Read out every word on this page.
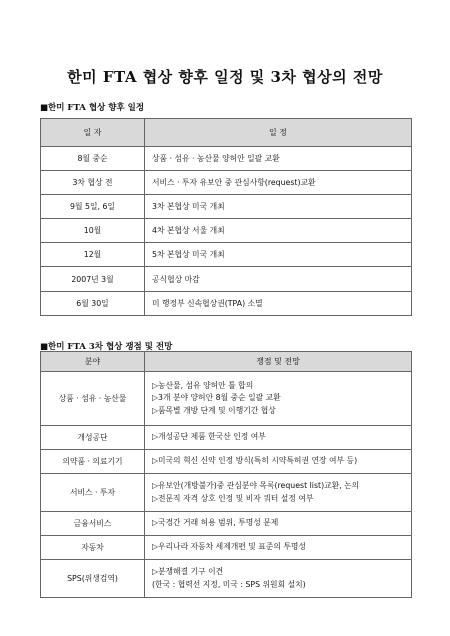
한미 FTA 협상 향후 일정 및 3차 협상의 전망
■한미 FTA 협상 향후 일정
일 자	일 정
8월 중순	상품 · 섬유 · 농산물 양허안 일괄 교환
3차 협상 전	서비스 · 투자 유보안 중 관심사항(request)교환
9월 5일, 6일	3차 본협상 미국 개최
10월	4차 본협상 서울 개최
12월	5차 본협상 미국 개최
2007년 3월	공식협상 마감
6월 30일	미 행정부 신속협상권(TPA) 소멸
■한미 FTA 3차 협상 쟁점 및 전망
분야	쟁점 및 전망
상품 · 섬유 · 농산물	▷농산물, 섬유 양허안 틀 합의
▷3개 분야 양허안 8월 중순 일괄 교환
▷품목별 개방 단계 및 이행기간 협상

개성공단	▷개성공단 제품 한국산 인정 여부

의약품 · 의료기기	▷미국의 혁신 신약 인정 방식(특히 시약특허권 연장 여부 등)

서비스 · 투자	▷유보안(개방불가)중 관심분야 목록(request list)교환, 논의
▷전문직 자격 상호 인정 및 비자 쿼터 설정 여부

금융서비스	▷국경간 거래 허용 범위, 투명성 문제

자동차	▷우리나라 자동차 세제개편 및 표준의 투명성

SPS(위생검역)	▷분쟁해결 기구 이견
(한국 : 협력선 지정, 미국 : SPS 위원회 설치)
